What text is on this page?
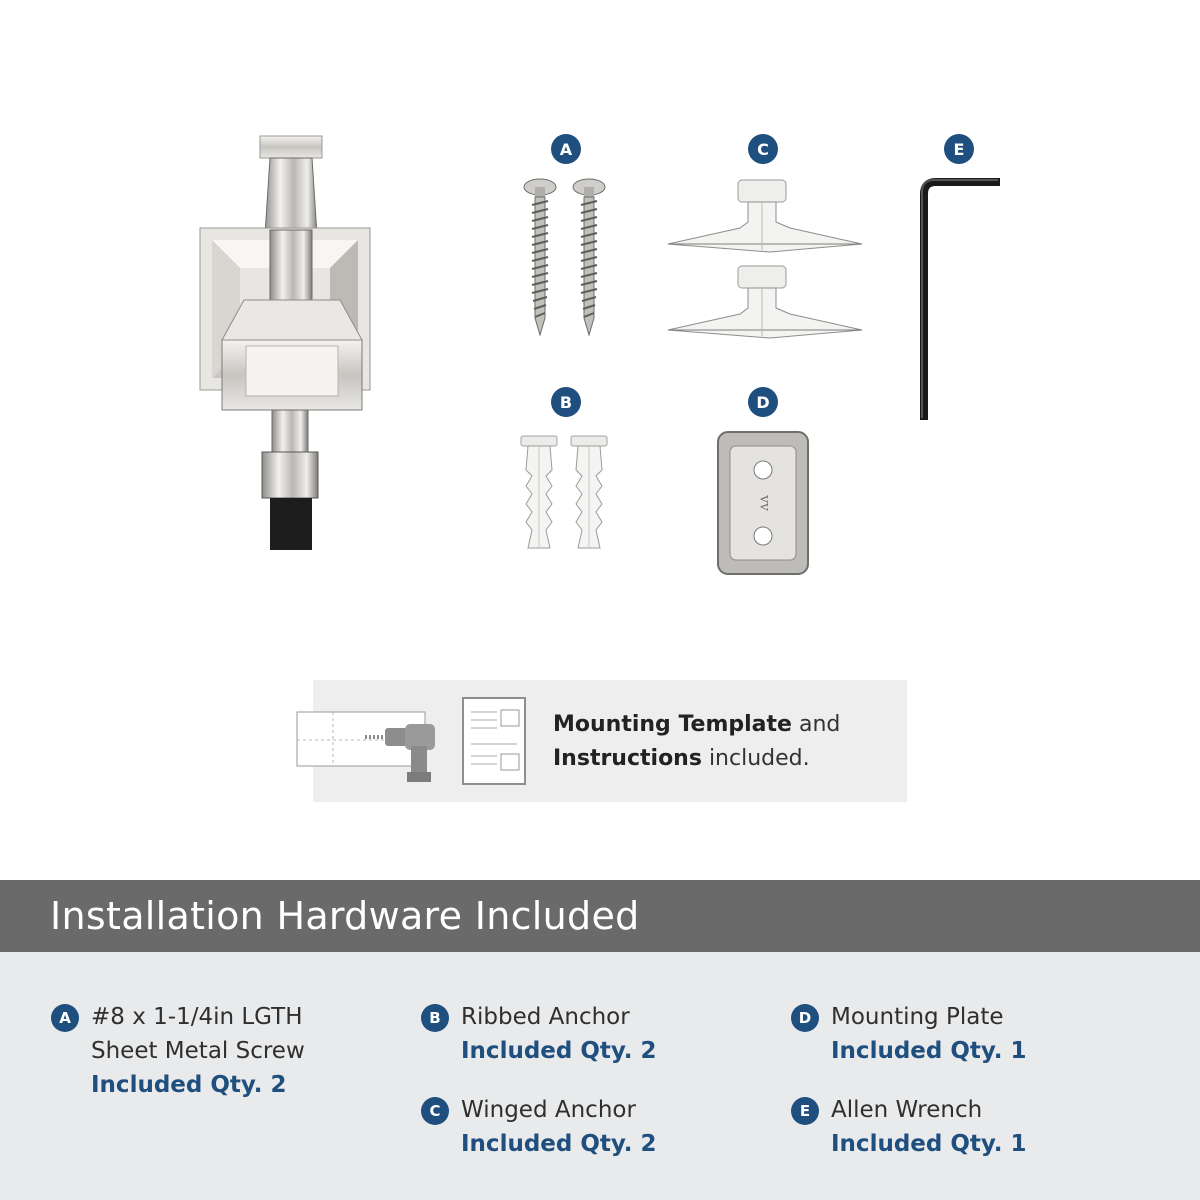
A	C	E
B	D
ᴧᴧ
Mounting Template and
Instructions included.
Installation Hardware Included
A #8 x 1-1/4in LGTH
Sheet Metal Screw
Included Qty. 2
B Ribbed Anchor
Included Qty. 2
C Winged Anchor
Included Qty. 2
D Mounting Plate
Included Qty. 1
E Allen Wrench
Included Qty. 1
